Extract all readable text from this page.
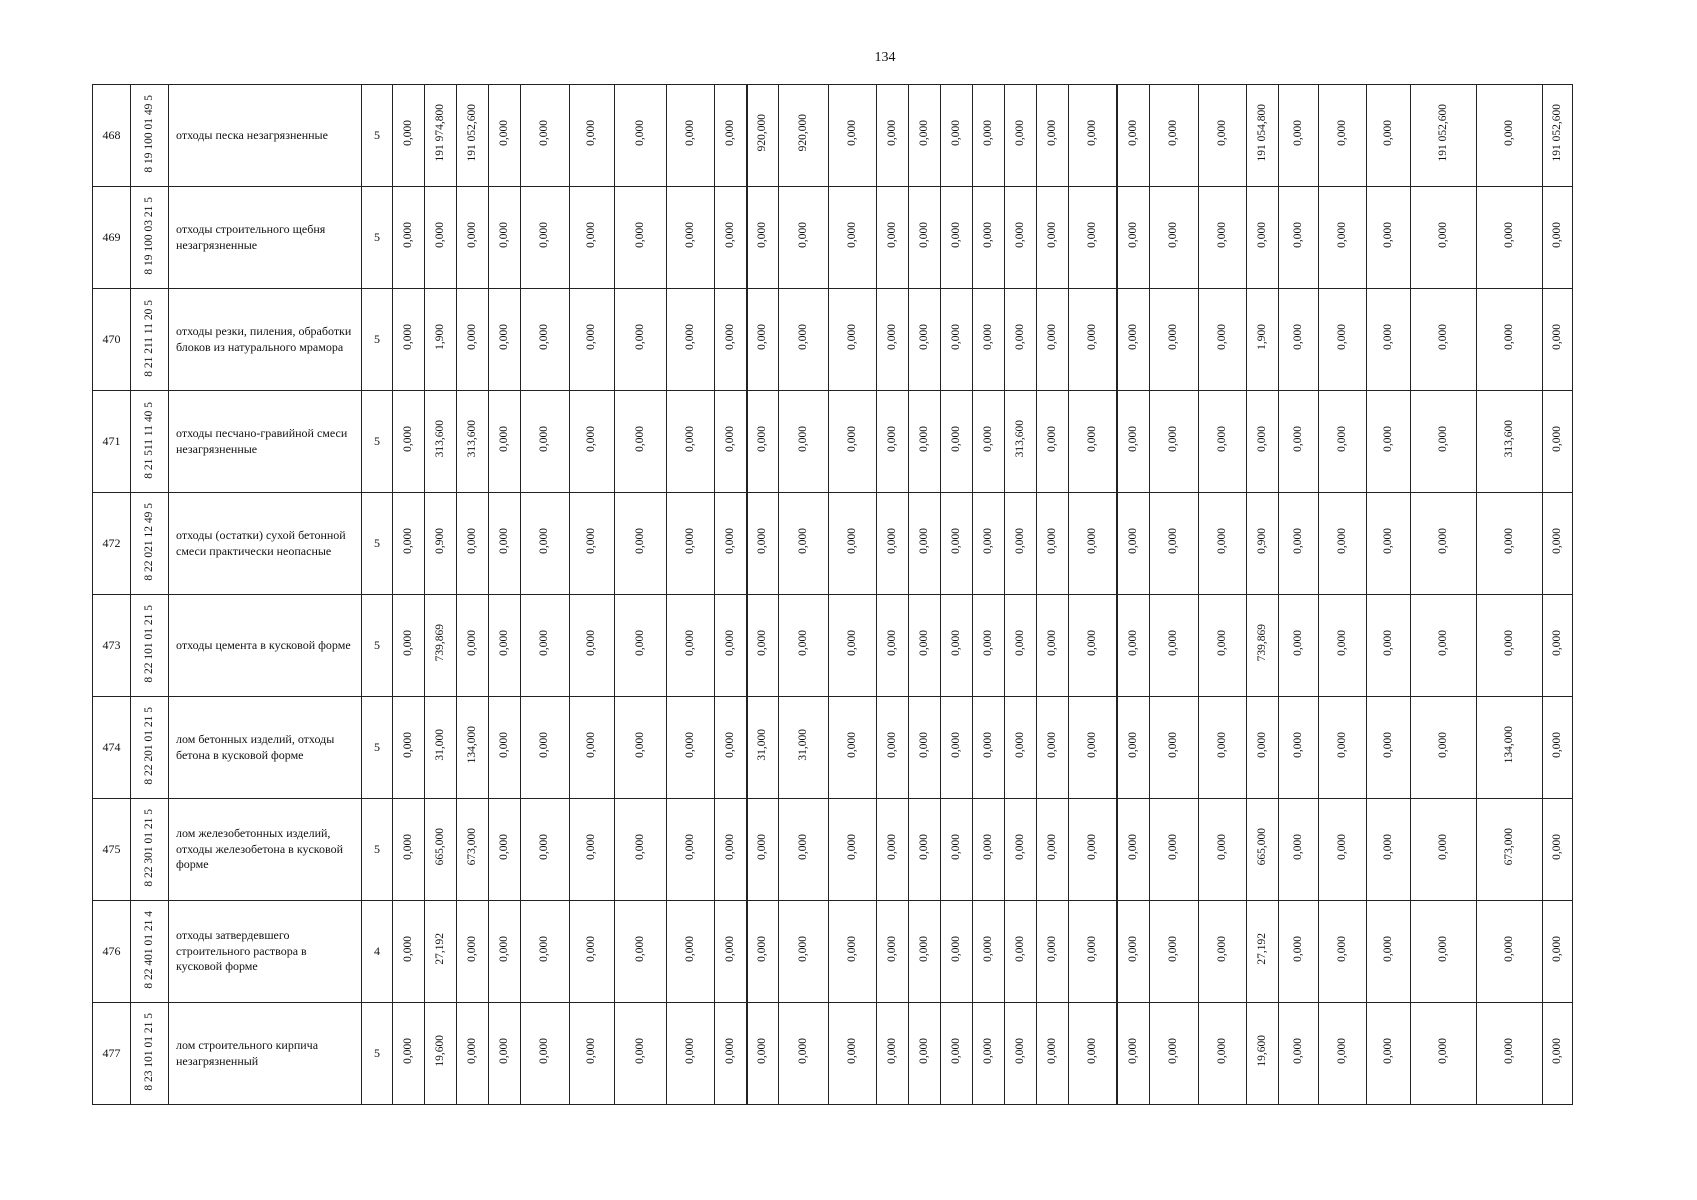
134
468	8 19 100 01 49 5	отходы песка незагрязненные	5	0,000	191 974,800	191 052,600	0,000	0,000	0,000	0,000	0,000	0,000	920,000	920,000	0,000	0,000	0,000	0,000	0,000	0,000	0,000	0,000	0,000	0,000	0,000	191 054,800	0,000	0,000	0,000	191 052,600	0,000	191 052,600
469	8 19 100 03 21 5	отходы строительного щебня незагрязненные	5	0,000	0,000	0,000	0,000	0,000	0,000	0,000	0,000	0,000	0,000	0,000	0,000	0,000	0,000	0,000	0,000	0,000	0,000	0,000	0,000	0,000	0,000	0,000	0,000	0,000	0,000	0,000	0,000	0,000
470	8 21 211 11 20 5	отходы резки, пиления, обработки блоков из натурального мрамора	5	0,000	1,900	0,000	0,000	0,000	0,000	0,000	0,000	0,000	0,000	0,000	0,000	0,000	0,000	0,000	0,000	0,000	0,000	0,000	0,000	0,000	0,000	1,900	0,000	0,000	0,000	0,000	0,000	0,000
471	8 21 511 11 40 5	отходы песчано-гравийной смеси незагрязненные	5	0,000	313,600	313,600	0,000	0,000	0,000	0,000	0,000	0,000	0,000	0,000	0,000	0,000	0,000	0,000	0,000	313,600	0,000	0,000	0,000	0,000	0,000	0,000	0,000	0,000	0,000	0,000	313,600	0,000
472	8 22 021 12 49 5	отходы (остатки) сухой бетонной смеси практически неопасные	5	0,000	0,900	0,000	0,000	0,000	0,000	0,000	0,000	0,000	0,000	0,000	0,000	0,000	0,000	0,000	0,000	0,000	0,000	0,000	0,000	0,000	0,000	0,900	0,000	0,000	0,000	0,000	0,000	0,000
473	8 22 101 01 21 5	отходы цемента в кусковой форме	5	0,000	739,869	0,000	0,000	0,000	0,000	0,000	0,000	0,000	0,000	0,000	0,000	0,000	0,000	0,000	0,000	0,000	0,000	0,000	0,000	0,000	0,000	739,869	0,000	0,000	0,000	0,000	0,000	0,000
474	8 22 201 01 21 5	лом бетонных изделий, отходы бетона в кусковой форме	5	0,000	31,000	134,000	0,000	0,000	0,000	0,000	0,000	0,000	31,000	31,000	0,000	0,000	0,000	0,000	0,000	0,000	0,000	0,000	0,000	0,000	0,000	0,000	0,000	0,000	0,000	0,000	134,000	0,000
475	8 22 301 01 21 5	лом железобетонных изделий, отходы железобетона в кусковой форме	5	0,000	665,000	673,000	0,000	0,000	0,000	0,000	0,000	0,000	0,000	0,000	0,000	0,000	0,000	0,000	0,000	0,000	0,000	0,000	0,000	0,000	0,000	665,000	0,000	0,000	0,000	0,000	673,000	0,000
476	8 22 401 01 21 4	отходы затвердевшего строительного раствора в кусковой форме	4	0,000	27,192	0,000	0,000	0,000	0,000	0,000	0,000	0,000	0,000	0,000	0,000	0,000	0,000	0,000	0,000	0,000	0,000	0,000	0,000	0,000	0,000	27,192	0,000	0,000	0,000	0,000	0,000	0,000
477	8 23 101 01 21 5	лом строительного кирпича незагрязненный	5	0,000	19,600	0,000	0,000	0,000	0,000	0,000	0,000	0,000	0,000	0,000	0,000	0,000	0,000	0,000	0,000	0,000	0,000	0,000	0,000	0,000	0,000	19,600	0,000	0,000	0,000	0,000	0,000	0,000
